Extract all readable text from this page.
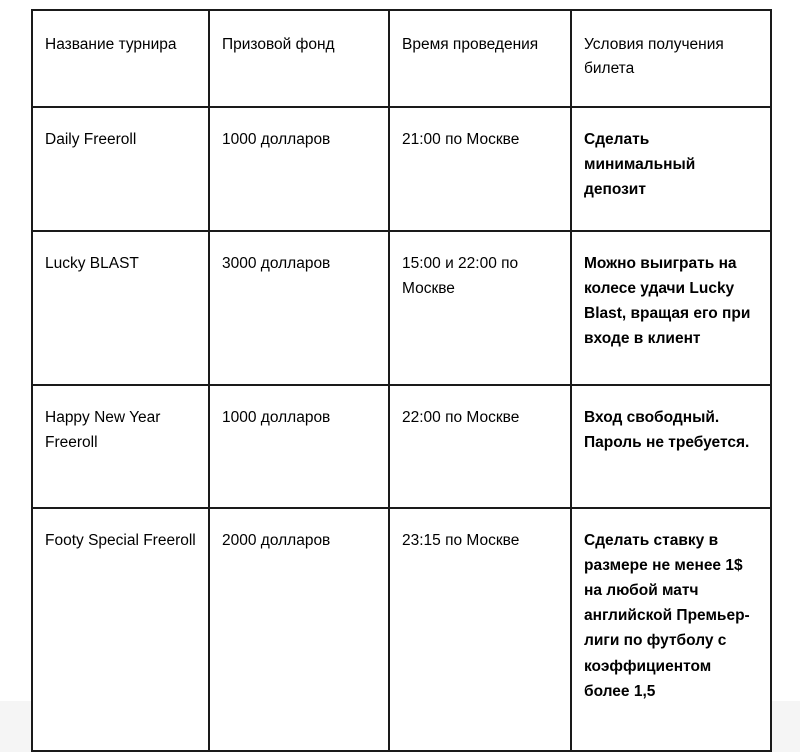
Название турнира	Призовой фонд	Время проведения	Условия получения билета
Daily Freeroll	1000 долларов	21:00 по Москве	Сделать минимальный депозит
Lucky BLAST	3000 долларов	15:00 и 22:00 по Москве	Можно выиграть на колесе удачи Lucky Blast, вращая его при входе в клиент
Happy New Year Freeroll	1000 долларов	22:00 по Москве	Вход свободный. Пароль не требуется.
Footy Special Freeroll	2000 долларов	23:15 по Москве	Сделать ставку в размере не менее 1$ на любой матч английской Премьер-лиги по футболу с коэффициентом более 1,5
